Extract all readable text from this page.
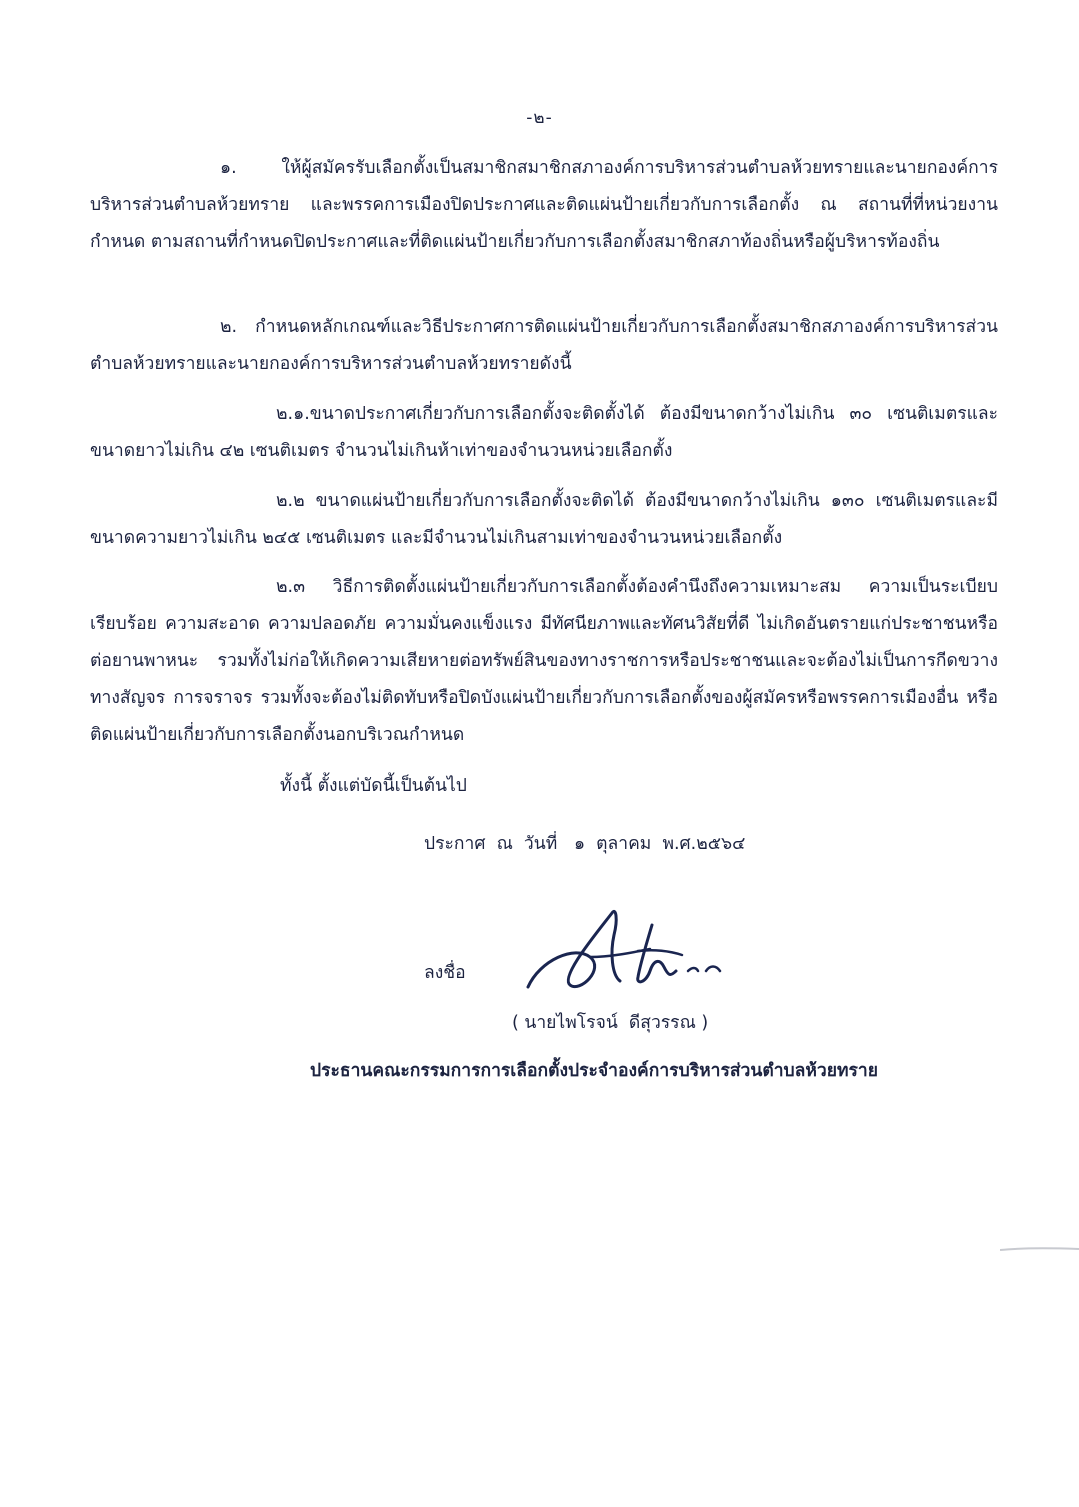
-๒-

๑. ให้ผู้สมัครรับเลือกตั้งเป็นสมาชิกสมาชิกสภาองค์การบริหารส่วนตำบลห้วยทรายและนายกองค์การบริหารส่วนตำบลห้วยทราย และพรรคการเมืองปิดประกาศและติดแผ่นป้ายเกี่ยวกับการเลือกตั้ง ณ สถานที่ที่หน่วยงานกำหนด ตามสถานที่กำหนดปิดประกาศและที่ติดแผ่นป้ายเกี่ยวกับการเลือกตั้งสมาชิกสภาท้องถิ่นหรือผู้บริหารท้องถิ่น

๒. กำหนดหลักเกณฑ์และวิธีประกาศการติดแผ่นป้ายเกี่ยวกับการเลือกตั้งสมาชิกสภาองค์การบริหารส่วนตำบลห้วยทรายและนายกองค์การบริหารส่วนตำบลห้วยทรายดังนี้

๒.๑.ขนาดประกาศเกี่ยวกับการเลือกตั้งจะติดตั้งได้ ต้องมีขนาดกว้างไม่เกิน ๓๐ เซนติเมตรและขนาดยาวไม่เกิน ๔๒ เซนติเมตร จำนวนไม่เกินห้าเท่าของจำนวนหน่วยเลือกตั้ง

๒.๒ ขนาดแผ่นป้ายเกี่ยวกับการเลือกตั้งจะติดได้ ต้องมีขนาดกว้างไม่เกิน ๑๓๐ เซนติเมตรและมีขนาดความยาวไม่เกิน ๒๔๕ เซนติเมตร และมีจำนวนไม่เกินสามเท่าของจำนวนหน่วยเลือกตั้ง

๒.๓ วิธีการติดตั้งแผ่นป้ายเกี่ยวกับการเลือกตั้งต้องคำนึงถึงความเหมาะสม ความเป็นระเบียบเรียบร้อย ความสะอาด ความปลอดภัย ความมั่นคงแข็งแรง มีทัศนียภาพและทัศนวิสัยที่ดี ไม่เกิดอันตรายแก่ประชาชนหรือต่อยานพาหนะ รวมทั้งไม่ก่อให้เกิดความเสียหายต่อทรัพย์สินของทางราชการหรือประชาชนและจะต้องไม่เป็นการกีดขวางทางสัญจร การจราจร รวมทั้งจะต้องไม่ติดทับหรือปิดบังแผ่นป้ายเกี่ยวกับการเลือกตั้งของผู้สมัครหรือพรรคการเมืองอื่น หรือติดแผ่นป้ายเกี่ยวกับการเลือกตั้งนอกบริเวณกำหนด

ทั้งนี้ ตั้งแต่บัดนี้เป็นต้นไป
ประกาศ  ณ  วันที่   ๑  ตุลาคม  พ.ศ.๒๕๖๔
ลงชื่อ
( นายไพโรจน์  ดีสุวรรณ )
ประธานคณะกรรมการการเลือกตั้งประจำองค์การบริหารส่วนตำบลห้วยทราย
